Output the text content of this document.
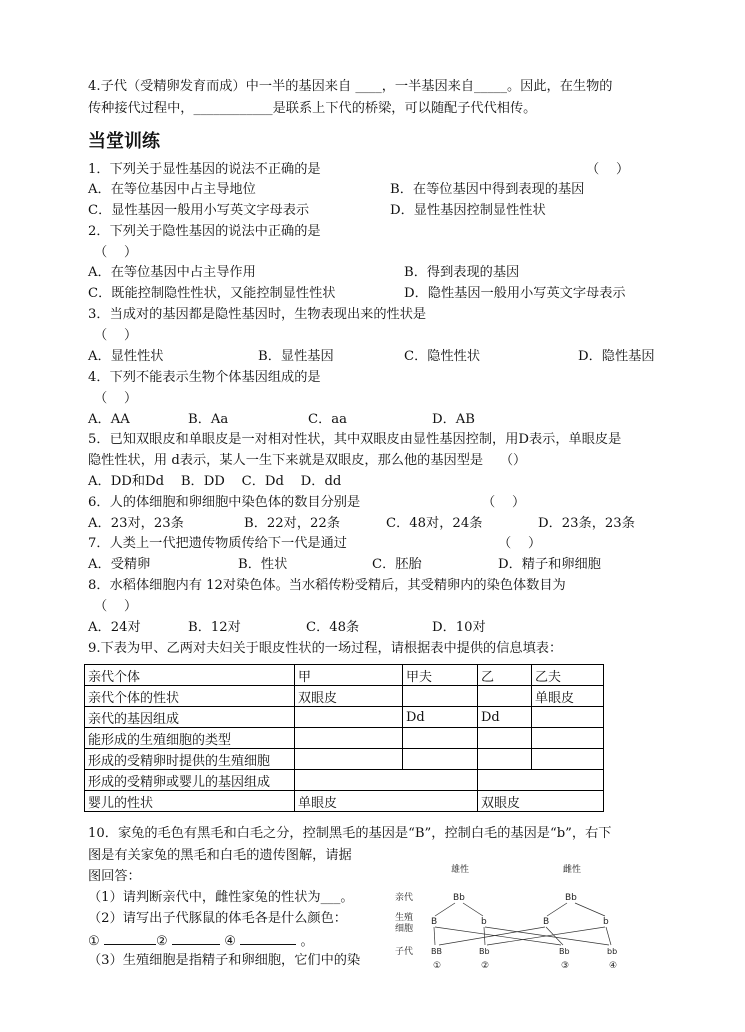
4.子代（受精卵发育而成）中一半的基因来自 ____，一半基因来自_____。因此，在生物的
传种接代过程中，____________是联系上下代的桥梁，可以随配子代代相传。
当堂训练
1．下列关于显性基因的说法不正确的是	（    ）
A．在等位基因中占主导地位	B．在等位基因中得到表现的基因
C．显性基因一般用小写英文字母表示	D．显性基因控制显性性状
2．下列关于隐性基因的说法中正确的是
（    ）
A．在等位基因中占主导作用	B．得到表现的基因
C．既能控制隐性性状，又能控制显性性状	D．隐性基因一般用小写英文字母表示
3．当成对的基因都是隐性基因时，生物表现出来的性状是
（    ）
A．显性性状	B．显性基因	C．隐性性状	D．隐性基因
4．下列不能表示生物个体基因组成的是
（    ）
A．AA	B．Aa	C．aa	D．AB
5．已知双眼皮和单眼皮是一对相对性状，其中双眼皮由显性基因控制，用D表示，单眼皮是
隐性性状，用 d表示，某人一生下来就是双眼皮，那么他的基因型是    （）
A．DD和Dd    B．DD    C．Dd    D．dd
6．人的体细胞和卵细胞中染色体的数目分别是	（    ）
A．23对，23条	B．22对，22条	C．48对，24条	D．23条，23条
7．人类上一代把遗传物质传给下一代是通过	（    ）
A．受精卵	B．性状	C．胚胎	D．精子和卵细胞
8．水稻体细胞内有 12对染色体。当水稻传粉受精后，其受精卵内的染色体数目为
（    ）
A．24对	B．12对	C．48条	D．10对
9.下表为甲、乙两对夫妇关于眼皮性状的一场过程，请根据表中提供的信息填表：
亲代个体	甲	甲夫	乙	乙夫
亲代个体的性状	双眼皮			单眼皮
亲代的基因组成		Dd	Dd	
能形成的生殖细胞的类型				
形成的受精卵时提供的生殖细胞				
形成的受精卵或婴儿的基因组成				
婴儿的性状	单眼皮		双眼皮	
10．家兔的毛色有黑毛和白毛之分，控制黑毛的基因是“B”，控制白毛的基因是“b”，右下
图是有关家兔的黑毛和白毛的遗传图解，请据
图回答：
（1）请判断亲代中，雌性家兔的性状为___。
（2）请写出子代豚鼠的体毛各是什么颜色：
①	②	④	。
（3）生殖细胞是指精子和卵细胞，它们中的染
雄性	雌性
亲代
生殖
细胞
子代
Bb	Bb
B	b	B	b
BB	Bb	Bb	bb
①	②	③	④
